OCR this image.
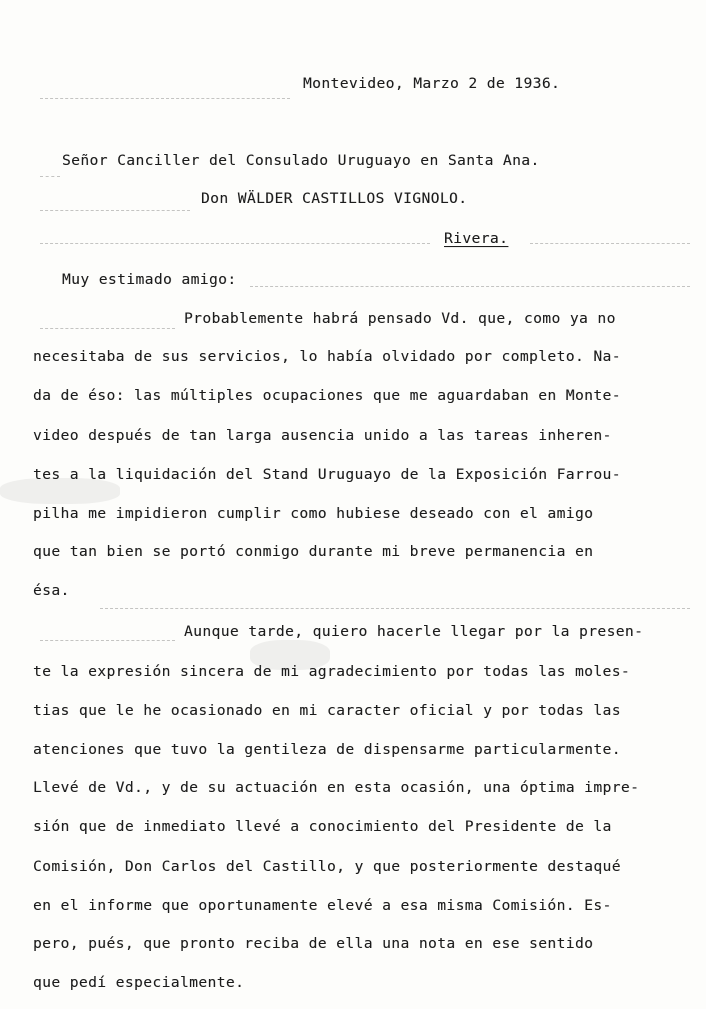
Montevideo, Marzo 2 de 1936.
Señor Canciller del Consulado Uruguayo en Santa Ana.
Don WÄLDER CASTILLOS VIGNOLO.
Rivera.
Muy estimado amigo:
Probablemente habrá pensado Vd. que, como ya no
necesitaba de sus servicios, lo había olvidado por completo. Na-
da de éso: las múltiples ocupaciones que me aguardaban en Monte-
video después de tan larga ausencia unido a las tareas inheren-
tes a la liquidación del Stand Uruguayo de la Exposición Farrou-
pilha me impidieron cumplir como hubiese deseado con el amigo
que tan bien se portó conmigo durante mi breve permanencia en
ésa.
Aunque tarde, quiero hacerle llegar por la presen-
te la expresión sincera de mi agradecimiento por todas las moles-
tias que le he ocasionado en mi caracter oficial y por todas las
atenciones que tuvo la gentileza de dispensarme particularmente.
Llevé de Vd., y de su actuación en esta ocasión, una óptima impre-
sión que de inmediato llevé a conocimiento del Presidente de la
Comisión, Don Carlos del Castillo, y que posteriormente destaqué
en el informe que oportunamente elevé a esa misma Comisión. Es-
pero, pués, que pronto reciba de ella una nota en ese sentido
que pedí especialmente.
